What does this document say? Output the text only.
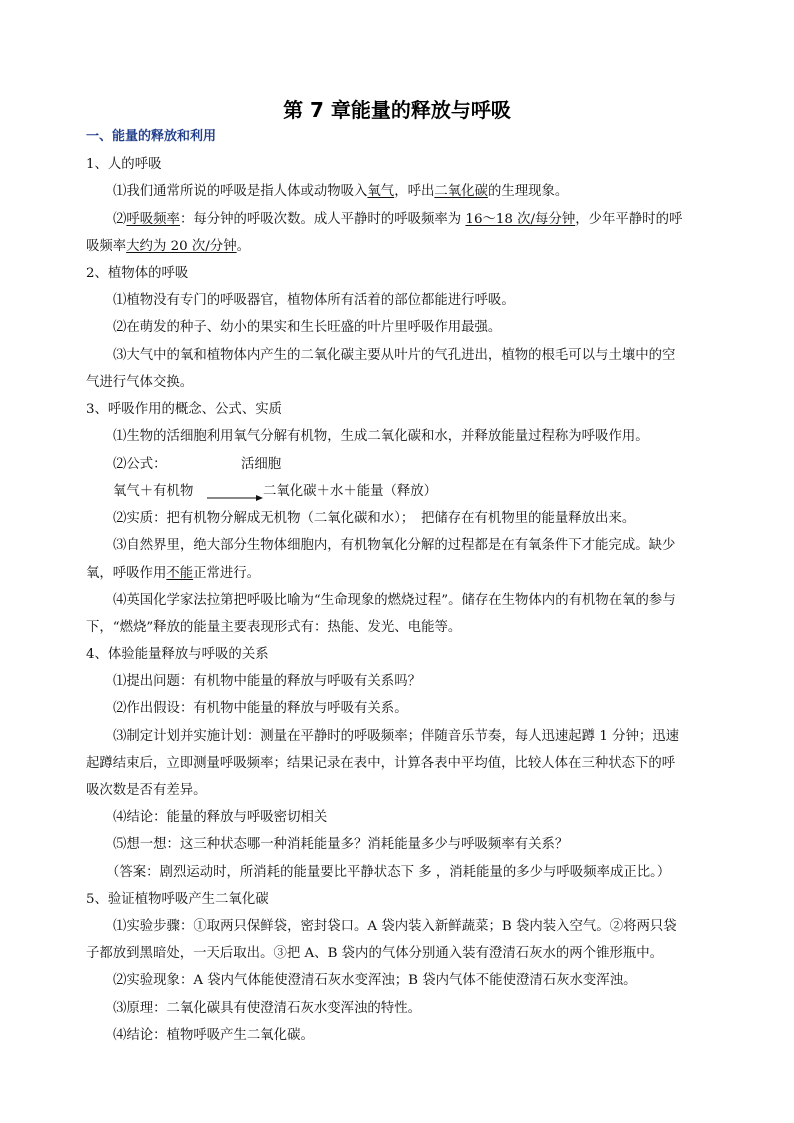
第 7 章能量的释放与呼吸
一、能量的释放和利用
1、人的呼吸
⑴我们通常所说的呼吸是指人体或动物吸入氧气，呼出二氧化碳的生理现象。
⑵呼吸频率：每分钟的呼吸次数。成人平静时的呼吸频率为 16～18 次/每分钟，少年平静时的呼
吸频率大约为 20 次/分钟。
2、植物体的呼吸
⑴植物没有专门的呼吸器官，植物体所有活着的部位都能进行呼吸。
⑵在萌发的种子、幼小的果实和生长旺盛的叶片里呼吸作用最强。
⑶大气中的氧和植物体内产生的二氧化碳主要从叶片的气孔进出，植物的根毛可以与土壤中的空
气进行气体交换。
3、呼吸作用的概念、公式、实质
⑴生物的活细胞利用氧气分解有机物，生成二氧化碳和水，并释放能量过程称为呼吸作用。
⑵公式：	活细胞
氧气＋有机物 → 二氧化碳＋水＋能量（释放）
⑵实质：把有机物分解成无机物（二氧化碳和水）；　把储存在有机物里的能量释放出来。
⑶自然界里，绝大部分生物体细胞内，有机物氧化分解的过程都是在有氧条件下才能完成。缺少
氧，呼吸作用不能正常进行。
⑷英国化学家法拉第把呼吸比喻为“生命现象的燃烧过程”。储存在生物体内的有机物在氧的参与
下，“燃烧”释放的能量主要表现形式有：热能、发光、电能等。
4、体验能量释放与呼吸的关系
⑴提出问题：有机物中能量的释放与呼吸有关系吗？
⑵作出假设：有机物中能量的释放与呼吸有关系。
⑶制定计划并实施计划：测量在平静时的呼吸频率；伴随音乐节奏，每人迅速起蹲 1 分钟；迅速
起蹲结束后，立即测量呼吸频率；结果记录在表中，计算各表中平均值，比较人体在三种状态下的呼
吸次数是否有差异。
⑷结论：能量的释放与呼吸密切相关
⑸想一想：这三种状态哪一种消耗能量多？消耗能量多少与呼吸频率有关系？
（答案：剧烈运动时，所消耗的能量要比平静状态下 多 ，消耗能量的多少与呼吸频率成正比。）
5、验证植物呼吸产生二氧化碳
⑴实验步骤：①取两只保鲜袋，密封袋口。A 袋内装入新鲜蔬菜；B 袋内装入空气。②将两只袋
子都放到黑暗处，一天后取出。③把 A、B 袋内的气体分别通入装有澄清石灰水的两个锥形瓶中。
⑵实验现象：A 袋内气体能使澄清石灰水变浑浊；B 袋内气体不能使澄清石灰水变浑浊。
⑶原理：二氧化碳具有使澄清石灰水变浑浊的特性。
⑷结论：植物呼吸产生二氧化碳。
